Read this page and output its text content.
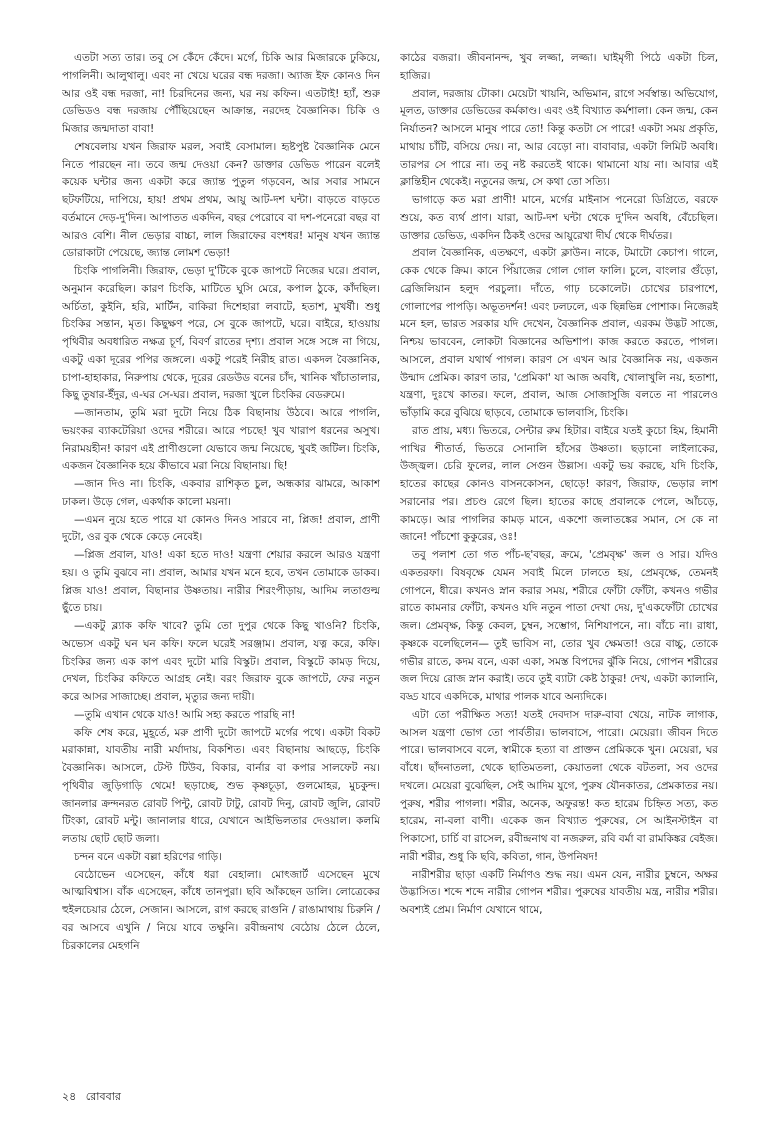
এতটা সত্য তার। তবু সে কেঁদে কেঁদে। মর্গে, চিকি আর মিজারকে ঢুকিয়ে, পাগলিনী। আলুথালু। এবং না খেয়ে ঘরের বন্ধ দরজা। অ্যাজ ইফ কোনও দিন আর ওই বন্ধ দরজা, না! চিরদিনের জন্য, ঘর নয় কফিন। এতটাই! হ্যাঁ, শুরু ডেভিডও বন্ধ দরজায় পৌঁছিয়েছেন আক্রান্ত, নরদেহ বৈজ্ঞানিক। চিকি ও মিজার জন্মদাতা বাবা!

শেষবেলায় যখন জিরাফ মরল, সবাই বেসামাল। হৃষ্টপুষ্ট বৈজ্ঞানিক মেনে নিতে পারছেন না। তবে জন্ম দেওয়া কেন? ডাক্তার ডেভিড পারেন বলেই কয়েক ঘন্টার জন্য একটা করে জ্যান্ত পুতুল গড়বেন, আর সবার সামনে ছটফটিয়ে, দাপিয়ে, হায়! প্রথম প্রথম, আয়ু আট-দশ ঘন্টা। বাড়তে বাড়তে বর্তমানে দেড়-দু'দিন। আপাতত একদিন, বছর পেরোবে বা দশ-পনেরো বছর বা আরও বেশি। নীল ভেড়ার বাচ্চা, লাল জিরাফের বংশধর! মানুষ যখন জ্যান্ত ডোরাকাটা পেয়েছে, জ্যান্ত লোমশ ভেড়া!

চিংকি পাগলিনী। জিরাফ, ভেড়া দু'টিকে বুকে জাপটে নিজের ঘরে। প্রবাল, অনুমান করেছিল। কারণ চিংকি, মাটিতে ঘুসি মেরে, কপাল ঠুকে, কাঁদছিল। অর্চিতা, কুইনি, হরি, মার্টিন, বাকিরা দিশেহারা লবাটে, হতাশ, মুখর্ষী। শুধু চিংকির সন্তান, মৃত। কিছুক্ষণ পরে, সে বুকে জাপটে, ঘরে। বাইরে, হাওয়ায় পৃথিবীর অবধারিত নক্ষত্র চূর্ণ, বিবর্ণ রাতের দৃশ্য। প্রবাল সঙ্গে সঙ্গে না গিয়ে, একটু একা দূরের পপির জঙ্গলে। একটু পরেই নিরীহ রাত। একদল বৈজ্ঞানিক, চাপা-হাহাকার, নিরুপায় থেকে, দূরের রেডউড বনের চাঁদ, খানিক খাঁচাতালার, কিছু তুষার-ইঁদুর, এ-ঘর সে-ঘর। প্রবাল, দরজা খুলে চিংকির বেডরুমে।

—জানতাম, তুমি মরা দুটো নিয়ে ঠিক বিছানায় উঠবে। আরে পাগলি, ভয়ংকর ব্যাকটেরিয়া ওদের শরীরে। আরে পচছে! খুব খারাপ ধরনের অসুখ। নিরাময়হীন! কারণ এই প্রাণীগুলো যেভাবে জন্ম নিয়েছে, খুবই জটিল। চিংকি, একজন বৈজ্ঞানিক হয়ে কীভাবে মরা নিয়ে বিছানায়। ছি!

—জান দিও না। চিংকি, একবার রাশিকৃত চুল, অন্ধকার ঝামরে, আকাশ ঢাকল। উড়ে গেল, একর্থাক কালো ময়না।

—এমন নুয়ে হতে পারে যা কোনও দিনও সারবে না, প্লিজ! প্রবাল, প্রাণী দুটো, ওর বুক থেকে কেড়ে নেবেই।

—প্লিজ প্রবাল, যাও! একা হতে দাও! যন্ত্রণা শেয়ার করলে আরও যন্ত্রণা হয়। ও তুমি বুঝবে না। প্রবাল, আমার যখন মনে হবে, তখন তোমাকে ডাকব। প্লিজ যাও! প্রবাল, বিছানার উষ্ণতায়। নারীর শিরংপীড়ায়, আদিম লতাগুল্ম ছুঁতে চায়।

—একটু ব্ল্যাক কফি খাবে? তুমি তো দুপুর থেকে কিছু খাওনি? চিংকি, অভ্যেস একটু ঘন ঘন কফি। ফলে ঘরেই সরঞ্জাম। প্রবাল, যত্ন করে, কফি। চিংকির জন্য এক কাপ এবং দুটো মারি বিস্কুট। প্রবাল, বিস্কুটে কামড় দিয়ে, দেখল, চিংকির কফিতে আগ্রহ নেই। বরং জিরাফ বুকে জাপটে, ফের নতুন করে আসর সাজাচ্ছে। প্রবাল, মৃত্যুর জন্য দায়ী।

—তুমি এখান থেকে যাও! আমি সহ্য করতে পারছি না!

কফি শেষ করে, মুহূর্তে, মরু প্রাণী দুটো জাপটে মর্গের পথে। একটা বিকট মরাকান্না, যাবতীয় নারী মর্যাদায়, বিকশিত। এবং বিছানায় আছড়ে, চিংকি বৈজ্ঞানিক। আসলে, টেস্ট টিউব, বিকার, বার্নার বা কপার সালফেট নয়। পৃথিবীর জুড়িগাড়ি থেমে! ছড়াচ্ছে, শুভ কৃষ্ণচূড়া, গুলমোহর, মুচকুন্দ। জানলার ক্রন্দনরত রোবট পিন্টু, রোবট টাটু, রোবট দিনু, রোবট জুলি, রোবট টিংকা, রোবট মন্টু। জানালার ধারে, যেখানে আইভিলতার দেওয়াল। কলমি লতায় ছোট ছোট জলা।

চন্দন বনে একটা বল্লা হরিণের গাড়ি।

বেঠোভেন এসেছেন, কাঁধে ধরা বেহালা। মোৎজার্ট এসেছেন মুখে আত্মবিশ্বাস। বাঁক এসেছেন, কাঁধে তানপুরা। ছবি আঁকছেন ডালি। লোত্রেকের হুইলচেয়ার ঠেলে, সেজান। আসলে, রাগ করছে রাগুনি / রাঙামাথায় চিরুনি / বর আসবে এখুনি / নিয়ে যাবে তক্ষুনি। রবীন্দ্রনাথ বেঠোয় ঠেলে ঠেলে, চিরকালের মেহগনি

কাঠের বজরা। জীবনানন্দ, খুব লজ্জা, লজ্জা। ঘাইমৃগী পিঠে একটা চিল, হাজির।

প্রবাল, দরজায় টোকা। মেয়েটা খায়নি, অভিমান, রাগে সর্বস্বান্ত। অভিযোগ, মূলত, ডাক্তার ডেভিডের কর্মকাণ্ড। এবং ওই বিখ্যাত কর্মশালা। কেন জন্ম, কেন নির্যাতন? আসলে মানুষ পারে তো! কিন্তু কতটা সে পারে! একটা সময় প্রকৃতি, মাথায় চাঁটি, বসিয়ে দেয়। না, আর বেড়ো না। বাবাবার, একটা লিমিট অবধি। তারপর সে পারে না। তবু নষ্ট করতেই থাকে। থামানো যায় না। আবার এই ক্লান্তিহীন থেকেই। নতুনের জন্ম, সে কথা তো সত্যি।

ভাগাড়ে কত মরা প্রাণী! মানে, মর্গের মাইনাস পনেরো ডিগ্রিতে, বরফে শুয়ে, কত ব্যর্থ প্রাণ। যারা, আট-দশ ঘন্টা থেকে দু'দিন অবধি, বেঁচেছিল। ডাক্তার ডেভিড, একদিন ঠিকই ওদের আয়ুরেখা দীর্ঘ থেকে দীর্ঘতর।

প্রবাল বৈজ্ঞানিক, এতক্ষণে, একটা ক্লাউন। নাকে, টমাটো কেচাপ। গালে, কেক থেকে ক্রিম। কানে পিঁয়াজের গোল গোল ফালি। চুলে, বাংলার গুঁড়ো, ব্রেজিলিয়ান হলুদ পরচুলা। দাঁতে, গাঢ় চকোলেট। চোখের চারপাশে, গোলাপের পাপড়ি। অভূতদর্শন! এবং ঢলঢলে, এক ছিন্নভিন্ন পোশাক। নিজেরই মনে হল, ভারত সরকার যদি দেখেন, বৈজ্ঞানিক প্রবাল, এরকম উদ্ভট সাজে, নিশ্চয় ভাববেন, লোকটা বিজ্ঞানের অভিশাপ। কাজ করতে করতে, পাগল। আসলে, প্রবাল যথার্থ পাগল। কারণ সে এখন আর বৈজ্ঞানিক নয়, একজন উন্মাদ প্রেমিক। কারণ তার, 'প্রেমিকা' যা আজ অবধি, খোলাখুলি নয়, হতাশা, যন্ত্রণা, দুঃখে কাতর। ফলে, প্রবাল, আজ সোজাসুজি বলতে না পারলেও ভাঁড়ামি করে বুঝিয়ে ছাড়বে, তোমাকে ভালবাসি, চিংকি।

রাত প্রায়, মধ্য। ভিতরে, সেন্টার রুম হিটার। বাইরে যতই কুচো হিম, হিমানী পাখির শীতার্ত, ভিতরে সোনালি হাঁসের উষ্ণতা। ছড়ানো লাইলাকের, উজ্জ্বল। চেরি ফুলের, লাল সেগুন উল্লাস। একটু ভয় করছে, যদি চিংকি, হাতের কাছের কোনও বাসনকোসন, ছোড়ে! কারণ, জিরাফ, ভেড়ার লাশ সরানোর পর। প্রচণ্ড রেগে ছিল। হাতের কাছে প্রবালকে পেলে, আঁচড়ে, কামড়ে। আর পাগলির কামড় মানে, একশো জলাতঙ্কের সমান, সে কে না জানে! পাঁচশো কুকুরের, ওঃ!

তবু পলাশ তো গত পাঁচ-ছ'বছর, ক্রমে, 'প্রেমবৃক্ষ' জল ও সার। যদিও একতরফা। বিষবৃক্ষে যেমন সবাই মিলে ঢালতে হয়, প্রেমবৃক্ষে, তেমনই গোপনে, ধীরে। কখনও স্নান করার সময়, শরীরে ফোঁটা ফোঁটা, কখনও গভীর রাতে কামনার ফোঁটা, কখনও যদি নতুন পাতা দেখা দেয়, দু'একফোঁটা চোখের জল। প্রেমবৃক্ষ, কিন্তু কেবল, চুম্বন, সম্ভোগ, নিশিযাপনে, না। বাঁচে না। রাধা, কৃষ্ণকে বলেছিলেন— তুই ভাবিস না, তোর খুব ক্ষেমতা! ওরে বাচ্চু, তোকে গভীর রাতে, কদম বনে, একা একা, সমস্ত বিপদের ঝুঁকি নিয়ে, গোপন শরীরের জল দিয়ে রোজ স্নান করাই। তবে তুই ব্যাটা কেষ্ট ঠাকুর! দেখ, একটা ক্যালানি, বড্ড যাবে একদিকে, মাথার পালক যাবে অন্যদিকে।

এটা তো পরীক্ষিত সত্য! যতই দেবদাস দারু-বাবা খেয়ে, নাটক লাগাক, আসল যন্ত্রণা ভোগ তো পার্বতীর। ভালবাসে, পারো। মেয়েরা। জীবন দিতে পারে। ভালবাসবে বলে, স্বামীকে হত্যা বা প্রাক্তন প্রেমিককে খুন। মেয়েরা, ঘর বাঁধে। ছাঁদনাতলা, থেকে ছাতিমতলা, কেয়াতলা থেকে বটতলা, সব ওদের দখলে। মেয়েরা বুঝেছিল, সেই আদিম যুগে, পুরুষ যৌনকাতর, প্রেমকাতর নয়। পুরুষ, শরীর পাগলা। শরীর, অনেক, অফুরন্ত! কত হারেম চিহ্নিত সত্য, কত হারেম, না-বলা বাণী। একেক জন বিখ্যাত পুরুষের, সে আইনস্টাইন বা পিকাসো, চার্চি বা রাসেল, রবীন্দ্রনাথ বা নজরুল, রবি বর্মা বা রামকিঙ্কর বেইজ। নারী শরীর, শুধু কি ছবি, কবিতা, গান, উপনিষদ!

নারীশরীর ছাড়া একটি নির্মাণও শুদ্ধ নয়। এমন যেন, নারীর চুম্বনে, অক্ষর উদ্ভাসিত। শব্দে শব্দে নারীর গোপন শরীর। পুরুষের যাবতীয় মন্ত্র, নারীর শরীর। অবশ্যই প্রেম। নির্মাণ যেখানে থামে,

২৪ রোববার
